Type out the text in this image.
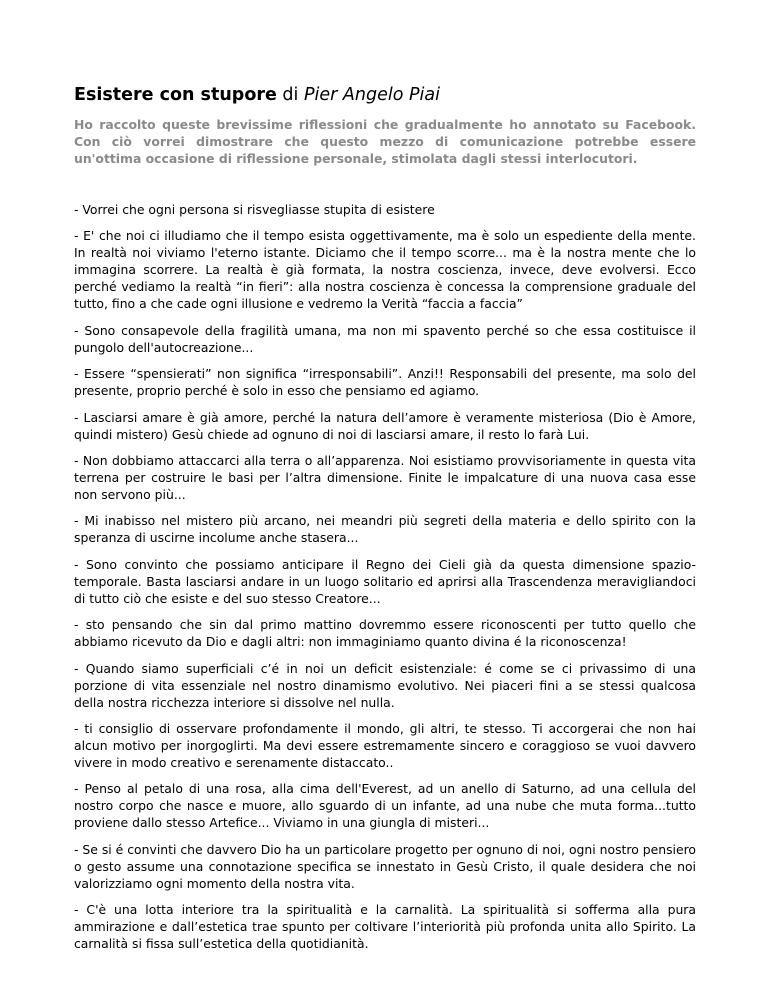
Esistere con stupore di Pier Angelo Piai

Ho raccolto queste brevissime riflessioni che gradualmente ho annotato su Facebook. Con ciò vorrei dimostrare che questo mezzo di comunicazione potrebbe essere un'ottima occasione di riflessione personale, stimolata dagli stessi interlocutori.

- Vorrei che ogni persona si risvegliasse stupita di esistere

- E' che noi ci illudiamo che il tempo esista oggettivamente, ma è solo un espediente della mente. In realtà noi viviamo l'eterno istante. Diciamo che il tempo scorre... ma è la nostra mente che lo immagina scorrere. La realtà è già formata, la nostra coscienza, invece, deve evolversi. Ecco perché vediamo la realtà “in fieri”: alla nostra coscienza è concessa la comprensione graduale del tutto, fino a che cade ogni illusione e vedremo la Verità “faccia a faccia”

- Sono consapevole della fragilità umana, ma non mi spavento perché so che essa costituisce il pungolo dell'autocreazione...

- Essere “spensierati” non significa “irresponsabili”. Anzi!! Responsabili del presente, ma solo del presente, proprio perché è solo in esso che pensiamo ed agiamo.

- Lasciarsi amare è già amore, perché la natura dell’amore è veramente misteriosa (Dio è Amore, quindi mistero) Gesù chiede ad ognuno di noi di lasciarsi amare, il resto lo farà Lui.

- Non dobbiamo attaccarci alla terra o all’apparenza. Noi esistiamo provvisoriamente in questa vita terrena per costruire le basi per l’altra dimensione. Finite le impalcature di una nuova casa esse non servono più...

- Mi inabisso nel mistero più arcano, nei meandri più segreti della materia e dello spirito con la speranza di uscirne incolume anche stasera...

- Sono convinto che possiamo anticipare il Regno dei Cieli già da questa dimensione spazio-temporale. Basta lasciarsi andare in un luogo solitario ed aprirsi alla Trascendenza meravigliandoci di tutto ciò che esiste e del suo stesso Creatore...

- sto pensando che sin dal primo mattino dovremmo essere riconoscenti per tutto quello che abbiamo ricevuto da Dio e dagli altri: non immaginiamo quanto divina é la riconoscenza!

- Quando siamo superficiali c’é in noi un deficit esistenziale: é come se ci privassimo di una porzione di vita essenziale nel nostro dinamismo evolutivo. Nei piaceri fini a se stessi qualcosa della nostra ricchezza interiore si dissolve nel nulla.

- ti consiglio di osservare profondamente il mondo, gli altri, te stesso. Ti accorgerai che non hai alcun motivo per inorgoglirti. Ma devi essere estremamente sincero e coraggioso se vuoi davvero vivere in modo creativo e serenamente distaccato..

- Penso al petalo di una rosa, alla cima dell'Everest, ad un anello di Saturno, ad una cellula del nostro corpo che nasce e muore, allo sguardo di un infante, ad una nube che muta forma...tutto proviene dallo stesso Artefice... Viviamo in una giungla di misteri...

- Se si é convinti che davvero Dio ha un particolare progetto per ognuno di noi, ogni nostro pensiero o gesto assume una connotazione specifica se innestato in Gesù Cristo, il quale desidera che noi valorizziamo ogni momento della nostra vita.

- C'è una lotta interiore tra la spiritualità e la carnalità. La spiritualità si sofferma alla pura ammirazione e dall’estetica trae spunto per coltivare l’interiorità più profonda unita allo Spirito. La carnalità si fissa sull’estetica della quotidianità.
